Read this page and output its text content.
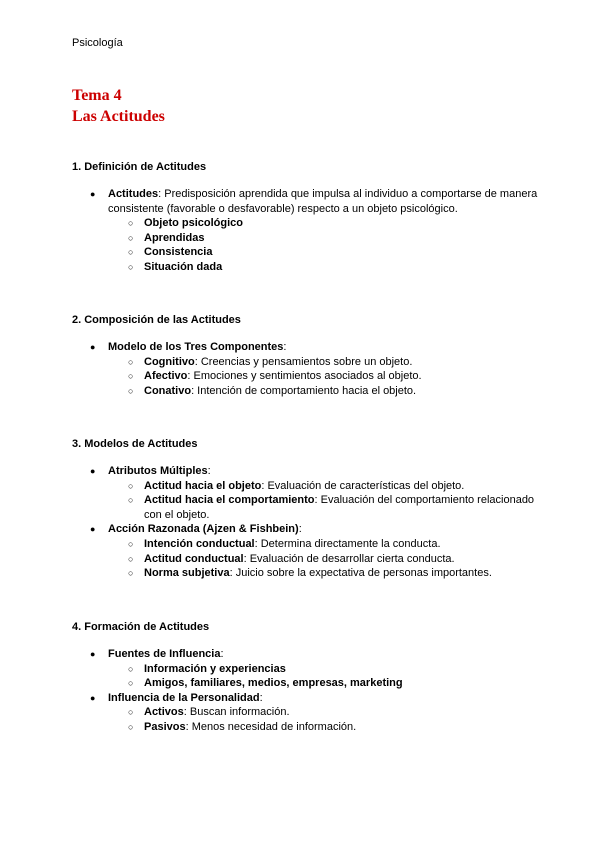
Psicología
Tema 4
Las Actitudes
1. Definición de Actitudes
● Actitudes: Predisposición aprendida que impulsa al individuo a comportarse de manera consistente (favorable o desfavorable) respecto a un objeto psicológico.
○ Objeto psicológico
○ Aprendidas
○ Consistencia
○ Situación dada
2. Composición de las Actitudes
● Modelo de los Tres Componentes:
○ Cognitivo: Creencias y pensamientos sobre un objeto.
○ Afectivo: Emociones y sentimientos asociados al objeto.
○ Conativo: Intención de comportamiento hacia el objeto.
3. Modelos de Actitudes
● Atributos Múltiples:
○ Actitud hacia el objeto: Evaluación de características del objeto.
○ Actitud hacia el comportamiento: Evaluación del comportamiento relacionado con el objeto.
● Acción Razonada (Ajzen & Fishbein):
○ Intención conductual: Determina directamente la conducta.
○ Actitud conductual: Evaluación de desarrollar cierta conducta.
○ Norma subjetiva: Juicio sobre la expectativa de personas importantes.
4. Formación de Actitudes
● Fuentes de Influencia:
○ Información y experiencias
○ Amigos, familiares, medios, empresas, marketing
● Influencia de la Personalidad:
○ Activos: Buscan información.
○ Pasivos: Menos necesidad de información.
